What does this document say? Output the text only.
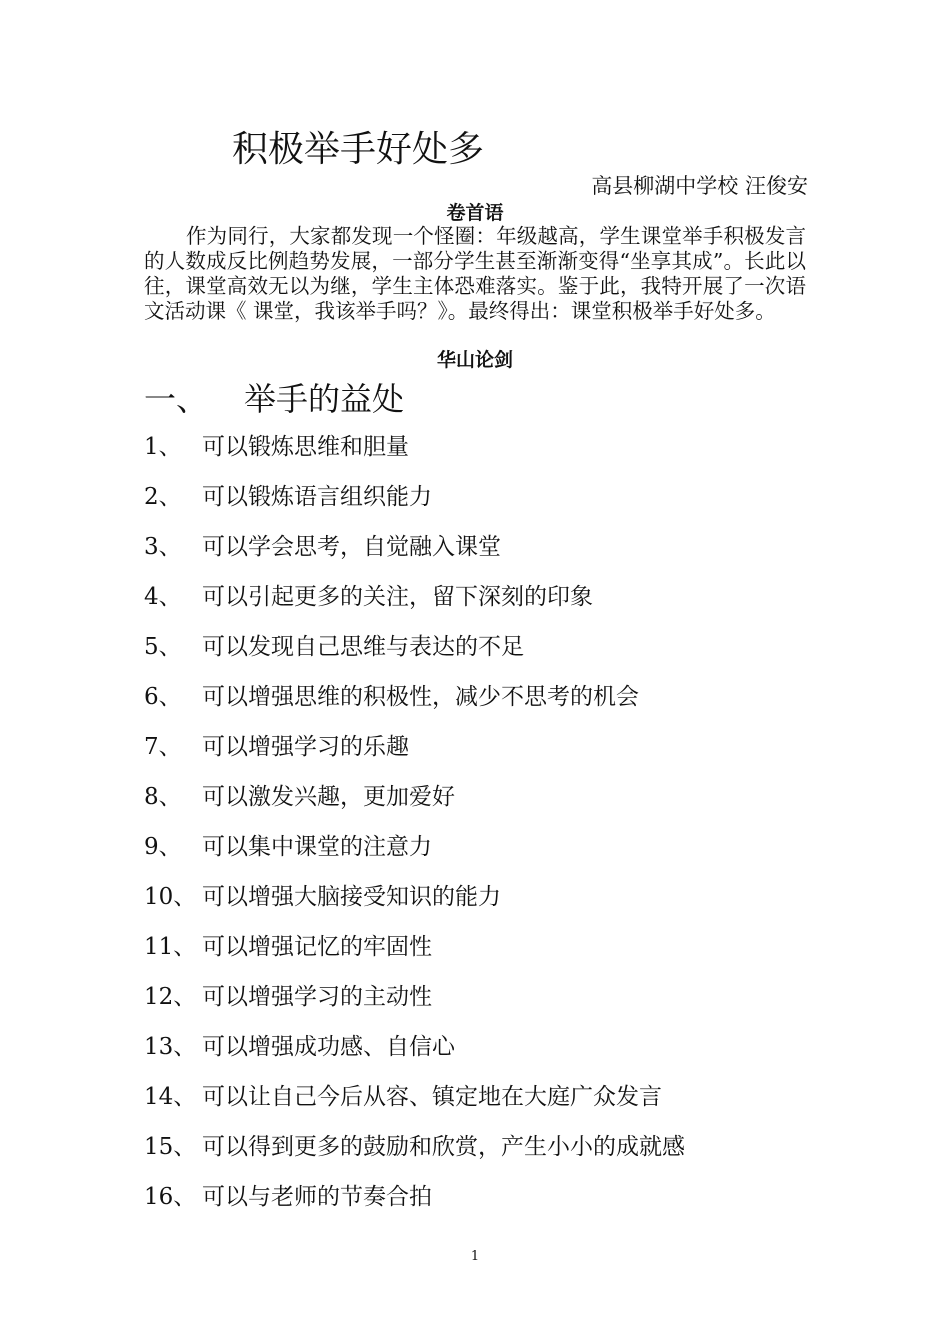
积极举手好处多
高县柳湖中学校 汪俊安
卷首语

作为同行，大家都发现一个怪圈：年级越高，学生课堂举手积极发言的人数成反比例趋势发展，一部分学生甚至渐渐变得“坐享其成”。长此以往，课堂高效无以为继，学生主体恐难落实。鉴于此，我特开展了一次语文活动课《 课堂，我该举手吗？》。最终得出：课堂积极举手好处多。

华山论剑
一、 举手的益处
1、 可以锻炼思维和胆量
2、 可以锻炼语言组织能力
3、 可以学会思考，自觉融入课堂
4、 可以引起更多的关注，留下深刻的印象
5、 可以发现自己思维与表达的不足
6、 可以增强思维的积极性，减少不思考的机会
7、 可以增强学习的乐趣
8、 可以激发兴趣，更加爱好
9、 可以集中课堂的注意力
10、 可以增强大脑接受知识的能力
11、 可以增强记忆的牢固性
12、 可以增强学习的主动性
13、 可以增强成功感、自信心
14、 可以让自己今后从容、镇定地在大庭广众发言
15、 可以得到更多的鼓励和欣赏，产生小小的成就感
16、 可以与老师的节奏合拍
1
